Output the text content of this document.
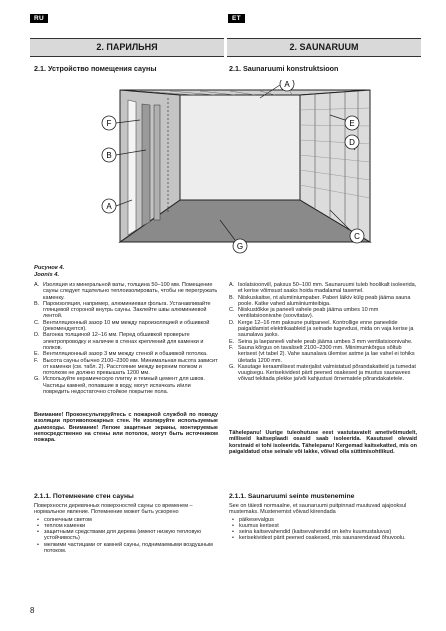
RU	ET
2. ПАРИЛЬНЯ	2. SAUNARUUM
2.1. Устройство помещения сауны	2.1. Saunaruumi konstruktsioon
A
F
B
A
G
C
E
D
Рисунок 4.
Joonis 4.
A. Изоляция из минеральной ваты, толщина 50–100 мм. Помещение сауны следует тщательно теплоизолировать, чтобы не перегружать каменку.
B. Пароизоляция, например, алюминиевая фольга. Устанавливайте глянцевой стороной внутрь сауны. Заклейте швы алюминиевой лентой.
C. Вентиляционный зазор 10 мм между пароизоляцией и обшивкой (рекомендуется).
D. Вагонка толщиной 12–16 мм. Перед обшивкой проверьте электропроводку и наличие в стенах креплений для каменки и полков.
E. Вентиляционный зазор 3 мм между стеной и обшивкой потолка.
F. Высота сауны обычно 2100–2300 мм. Минимальная высота зависит от каменки (см. табл. 2). Расстояние между верхним полком и потолком не должно превышать 1200 мм.
G. Используйте керамическую плитку и темный цемент для швов. Частицы камней, попавшие в воду, могут испачкать и/или повредить недостаточно стойкое покрытие пола.
Внимание! Проконсультируйтесь с пожарной службой по поводу изоляции противопожарных стен. Не изолируйте используемые дымоходы. Внимание! Легкие защитные экраны, монтируемые непосредственно на стены или потолок, могут быть источником пожара.
A. Isolatsioonvill, paksus 50–100 mm. Saunaruumi tuleb hoolikalt isoleerida, et kerise võimsust saaks hoida madalamal tasemel.
B. Niiskuskaitse, nt alumiiniumpaber. Paberi läikiv külg peab jääma sauna poole. Katke vahed alumiiniumteibiga.
C. Niiskustõkke ja paneeli vahele peab jääma umbes 10 mm ventilatsioonivahe (soovitatav).
D. Kerge 12–16 mm paksune puitpaneel. Kontrollige enne paneelide paigaldamist elektrikaableid ja seinade tugevdusi, mida on vaja kerise ja saunalava jaoks.
E. Seina ja laepaneeli vahele peab jääma umbes 3 mm ventilatsioonivahe.
F. Sauna kõrgus on tavaliselt 2100–2300 mm. Miinimumkõrgus sõltub kerisest (vt tabel 2). Vahe saunalava ülemise astme ja lae vahel ei tohiks ületada 1200 mm.
G. Kasutage keraamilisest materjalist valmistatud põrandakatteid ja tumedat vuugisegu. Kerisekividest pärit peened osakesed ja mustus saunavees võivad tekitada plekke ja/või kahjustusi õrnematele põrandakatetele.
Tähelepanu! Uurige tuleohutuse eest vastutavatelt ametivõimudelt, milliseid kaitseplaadi osasid saab isoleerida. Kasutusel olevaid korstnaid ei tohi isoleerida. Tähelepanu! Kergemad kaitsekatted, mis on paigaldatud otse seinale või lakke, võivad olla süttimisohtlikud.
2.1.1. Потемнение стен сауны	2.1.1. Saunaruumi seinte mustenemine
Поверхности деревянных поверхностей сауны со временем – нормальное явление. Потемнение может быть ускорено
• солнечным светом
• теплом каменки
• защитными средствами для дерева (имеют низкую тепловую устойчивость)
• мелкими частицами от камней сауны, поднимаемыми воздушным потоком.
See on täiesti normaalne, et saunaruumi puitpinnad muutuvad ajajooksul mustemaks. Mustenemist võivad kiirendada
• päikesevalgus
• kuumus kerisest
• seina kaitsevahendid (kaitsevahendid on kehv kuumustaluvus)
• kerisekividest pärit peened osakesed, mis saunarendavad õhuvoolu.
8
